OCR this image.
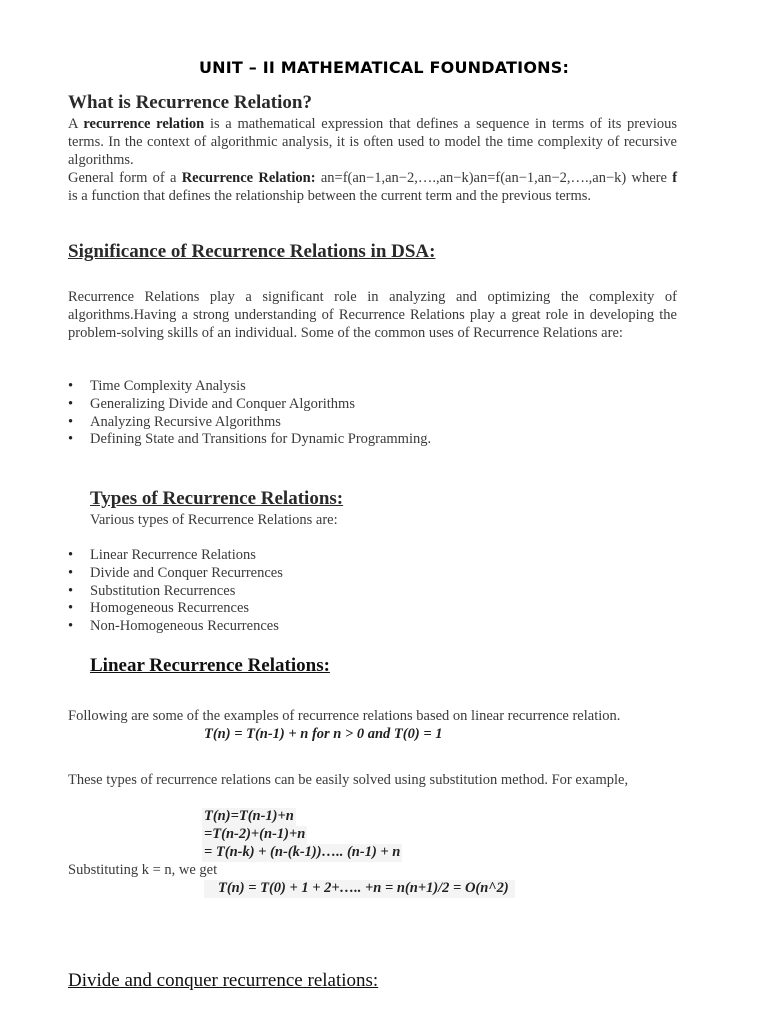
UNIT – II MATHEMATICAL FOUNDATIONS:
What is Recurrence Relation?
A recurrence relation is a mathematical expression that defines a sequence in terms of its previous terms. In the context of algorithmic analysis, it is often used to model the time complexity of recursive algorithms.
General form of a Recurrence Relation: an=f(an−1,an−2,….,an−k)an=f(an−1,an−2,….,an−k) where f is a function that defines the relationship between the current term and the previous terms.
Significance of Recurrence Relations in DSA:
Recurrence Relations play a significant role in analyzing and optimizing the complexity of algorithms.Having a strong understanding of Recurrence Relations play a great role in developing the problem-solving skills of an individual. Some of the common uses of Recurrence Relations are:
• Time Complexity Analysis
• Generalizing Divide and Conquer Algorithms
• Analyzing Recursive Algorithms
• Defining State and Transitions for Dynamic Programming.
Types of Recurrence Relations:
Various types of Recurrence Relations are:
• Linear Recurrence Relations
• Divide and Conquer Recurrences
• Substitution Recurrences
• Homogeneous Recurrences
• Non-Homogeneous Recurrences
Linear Recurrence Relations:
Following are some of the examples of recurrence relations based on linear recurrence relation.
T(n) = T(n-1) + n for n > 0 and T(0) = 1
These types of recurrence relations can be easily solved using substitution method. For example,
T(n)=T(n-1)+n
=T(n-2)+(n-1)+n
= T(n-k) + (n-(k-1))….. (n-1) + n
Substituting k = n, we get
T(n) = T(0) + 1 + 2+….. +n = n(n+1)/2 = O(n^2)
Divide and conquer recurrence relations:
